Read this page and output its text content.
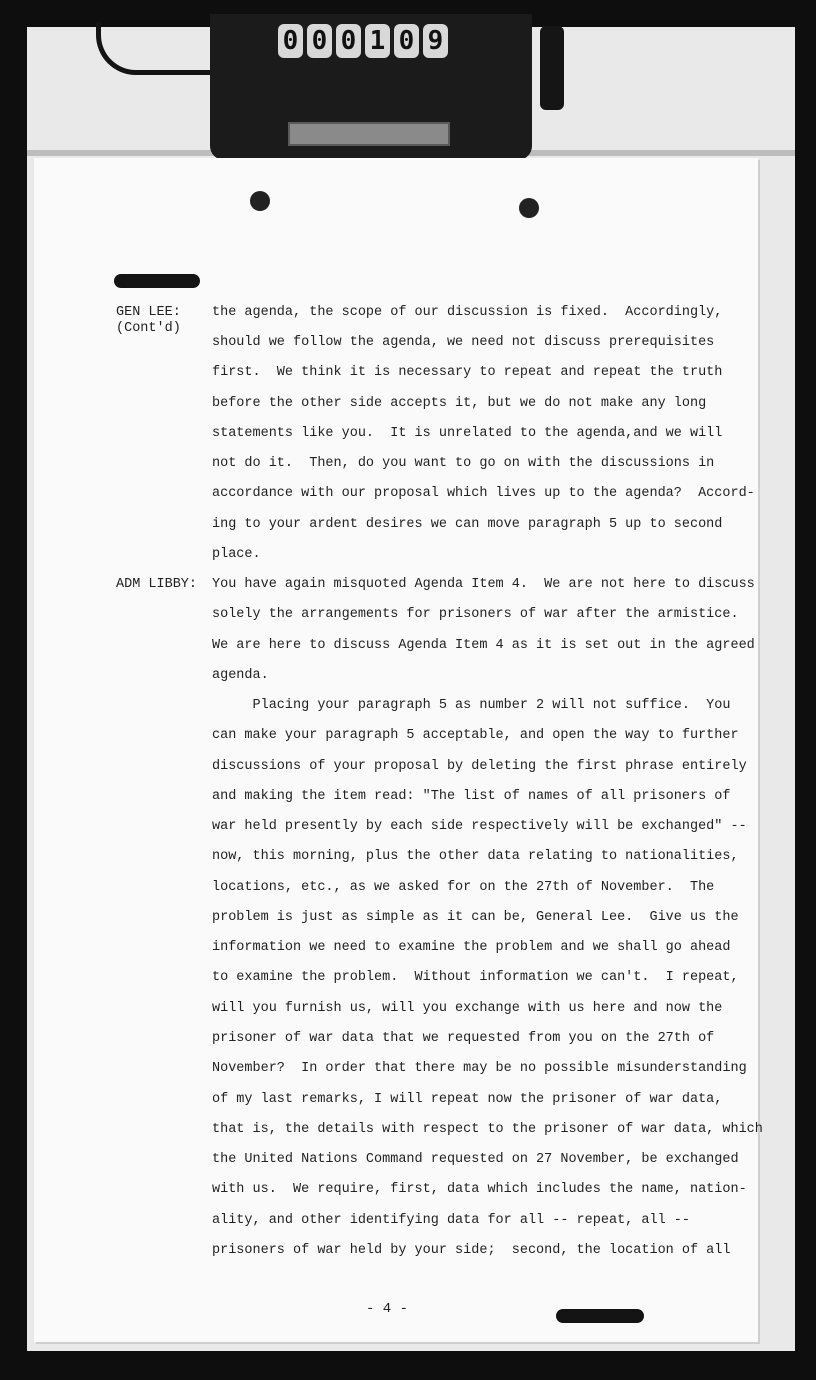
0 0 0 1 0 9
GEN LEE:
(Cont'd)
ADM LIBBY:
the agenda, the scope of our discussion is fixed.  Accordingly,
should we follow the agenda, we need not discuss prerequisites
first.  We think it is necessary to repeat and repeat the truth
before the other side accepts it, but we do not make any long
statements like you.  It is unrelated to the agenda,and we will
not do it.  Then, do you want to go on with the discussions in
accordance with our proposal which lives up to the agenda?  Accord-
ing to your ardent desires we can move paragraph 5 up to second
place.
You have again misquoted Agenda Item 4.  We are not here to discuss
solely the arrangements for prisoners of war after the armistice.
We are here to discuss Agenda Item 4 as it is set out in the agreed
agenda.
Placing your paragraph 5 as number 2 will not suffice.  You
can make your paragraph 5 acceptable, and open the way to further
discussions of your proposal by deleting the first phrase entirely
and making the item read: "The list of names of all prisoners of
war held presently by each side respectively will be exchanged" --
now, this morning, plus the other data relating to nationalities,
locations, etc., as we asked for on the 27th of November.  The
problem is just as simple as it can be, General Lee.  Give us the
information we need to examine the problem and we shall go ahead
to examine the problem.  Without information we can't.  I repeat,
will you furnish us, will you exchange with us here and now the
prisoner of war data that we requested from you on the 27th of
November?  In order that there may be no possible misunderstanding
of my last remarks, I will repeat now the prisoner of war data,
that is, the details with respect to the prisoner of war data, which
the United Nations Command requested on 27 November, be exchanged
with us.  We require, first, data which includes the name, nation-
ality, and other identifying data for all -- repeat, all --
prisoners of war held by your side;  second, the location of all
- 4 -
